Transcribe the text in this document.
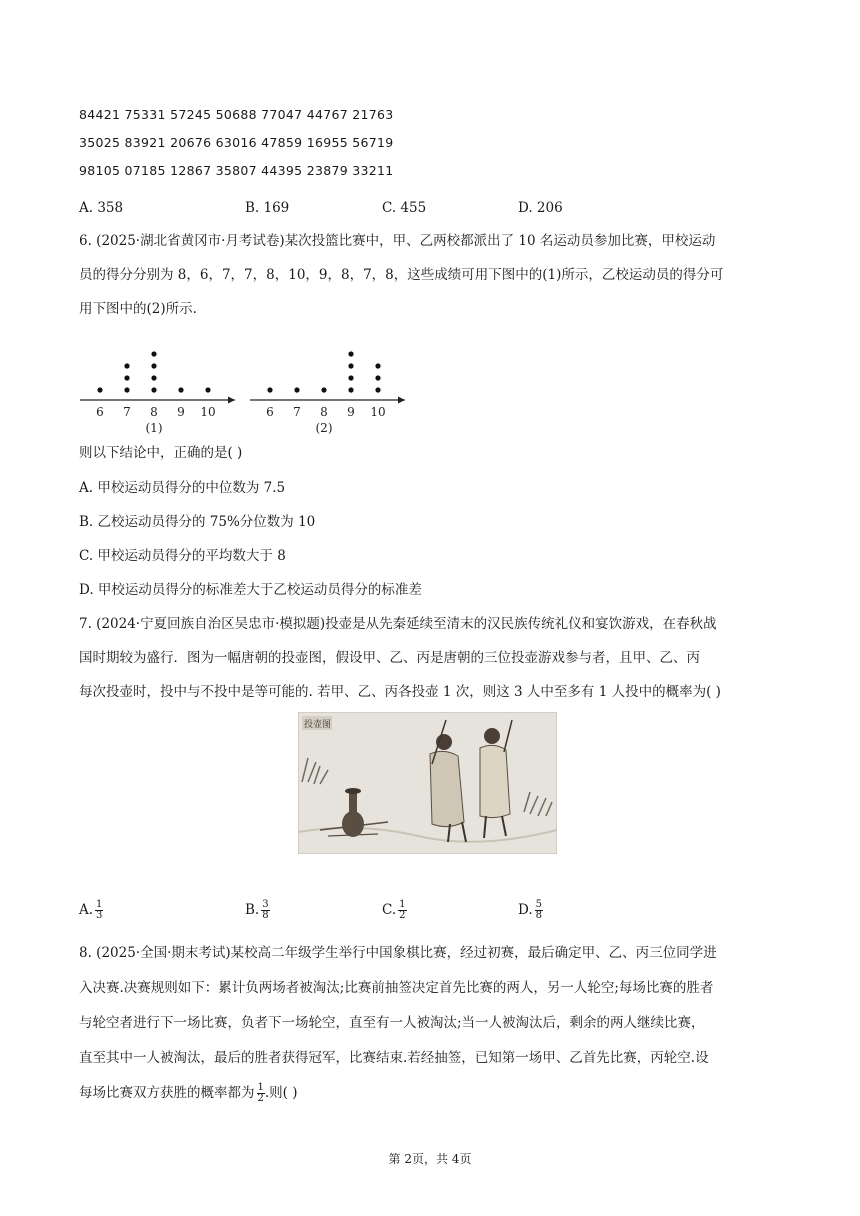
84421 75331 57245 50688 77047 44767 21763
35025 83921 20676 63016 47859 16955 56719
98105 07185 12867 35807 44395 23879 33211
A. 358	B. 169	C. 455	D. 206
6. (2025·湖北省黄冈市·月考试卷)某次投篮比赛中，甲、乙两校都派出了 10 名运动员参加比赛，甲校运动
员的得分分别为 8，6，7，7，8，10，9，8，7，8，这些成绩可用下图中的(1)所示，乙校运动员的得分可
用下图中的(2)所示.
6 7 8 9 10
(1)
6 7 8 9 10
(2)
则以下结论中，正确的是( )
A. 甲校运动员得分的中位数为 7.5
B. 乙校运动员得分的 75%分位数为 10
C. 甲校运动员得分的平均数大于 8
D. 甲校运动员得分的标准差大于乙校运动员得分的标准差
7. (2024·宁夏回族自治区吴忠市·模拟题)投壶是从先秦延续至清末的汉民族传统礼仪和宴饮游戏，在春秋战
国时期较为盛行．图为一幅唐朝的投壶图，假设甲、乙、丙是唐朝的三位投壶游戏参与者，且甲、乙、丙
每次投壶时，投中与不投中是等可能的. 若甲、乙、丙各投壶 1 次，则这 3 人中至多有 1 人投中的概率为( )
投壶图
A. $\frac{1}{3}$	B. $\frac{3}{8}$	C. $\frac{1}{2}$	D. $\frac{5}{8}$
8. (2025·全国·期末考试)某校高二年级学生举行中国象棋比赛，经过初赛，最后确定甲、乙、丙三位同学进
入决赛.决赛规则如下：累计负两场者被淘汰;比赛前抽签决定首先比赛的两人，另一人轮空;每场比赛的胜者
与轮空者进行下一场比赛，负者下一场轮空，直至有一人被淘汰;当一人被淘汰后，剩余的两人继续比赛，
直至其中一人被淘汰，最后的胜者获得冠军，比赛结束.若经抽签，已知第一场甲、乙首先比赛，丙轮空.设
每场比赛双方获胜的概率都为 $\frac{1}{2}$ .则( )
第 2页，共 4页
